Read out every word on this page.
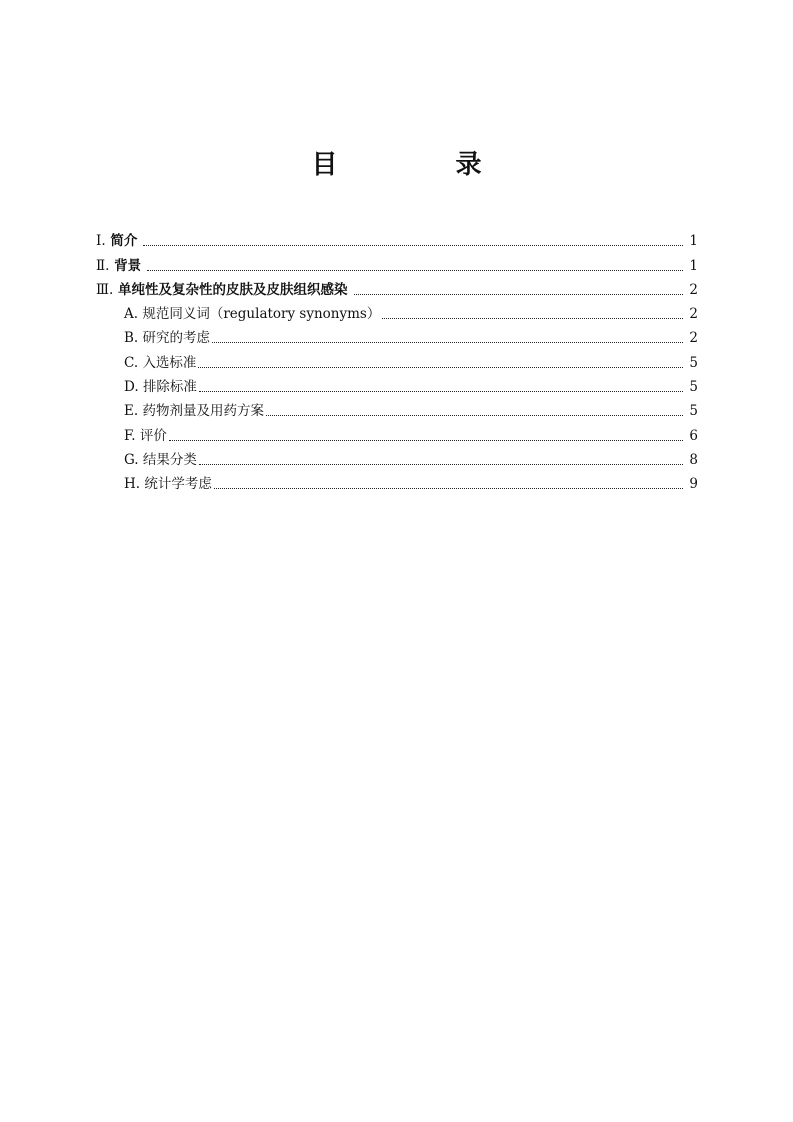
目　录
Ⅰ. 简介	1
Ⅱ. 背景	1
Ⅲ. 单纯性及复杂性的皮肤及皮肤组织感染	2
A. 规范同义词（regulatory synonyms）	2
B. 研究的考虑	2
C. 入选标准	5
D. 排除标准	5
E. 药物剂量及用药方案	5
F. 评价	6
G. 结果分类	8
H. 统计学考虑	9
